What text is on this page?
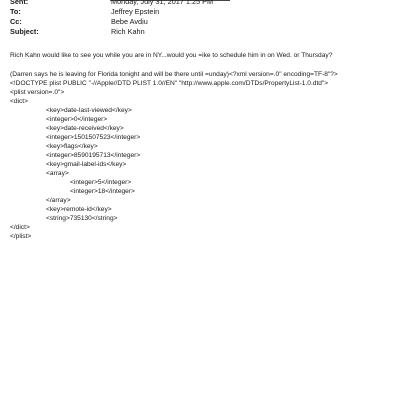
Sent:	Monday, July 31, 2017 1:25 PM
To:	Jeffrey Epstein
Cc:	Bebe Avdiu
Subject:	Rich Kahn
Rich Kahn would like to see you while you are in NY...would you =ike to schedule him in on Wed. or Thursday?
(Darren says he is leaving for Florida tonight and will be there until =unday)<?xml version=.0" encoding=TF-8"?>
<!DOCTYPE plist PUBLIC "-//Apple//DTD PLIST 1.0//EN" "http://www.apple.com/DTDs/PropertyList-1.0.dtd">
<plist version=.0">
<dict>
<key>date-last-viewed</key>
<integer>0</integer>
<key>date-received</key>
<integer>1501507523</integer>
<key>flags</key>
<integer>8590195713</integer>
<key>gmail-label-ids</key>
<array>
<integer>5</integer>
<integer>18</integer>
</array>
<key>remote-id</key>
<string>735130</string>
</dict>
</plist>
